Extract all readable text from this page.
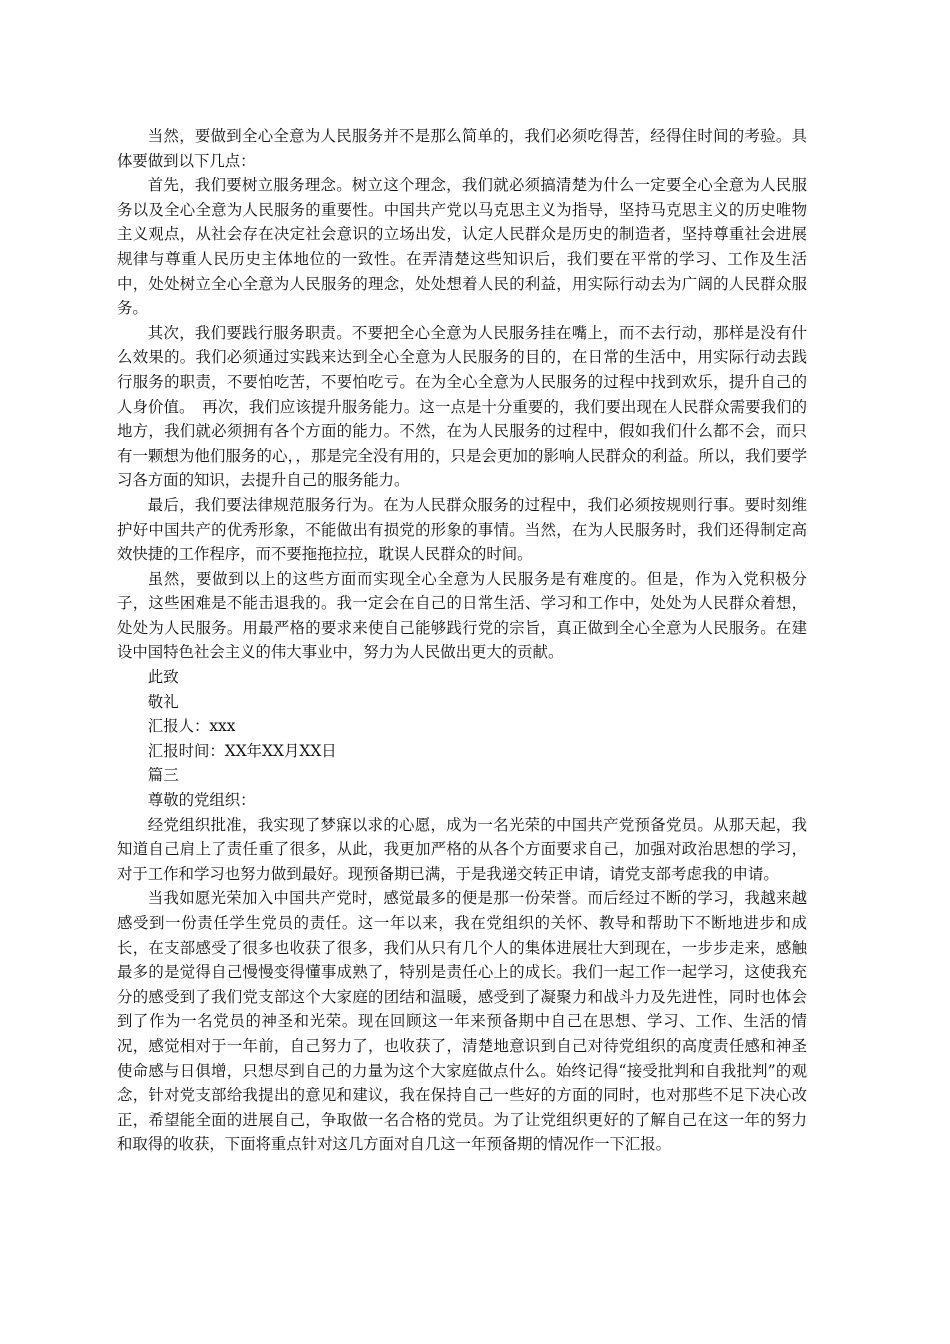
当然，要做到全心全意为人民服务并不是那么简单的，我们必须吃得苦，经得住时间的考验。具体要做到以下几点：

首先，我们要树立服务理念。树立这个理念，我们就必须搞清楚为什么一定要全心全意为人民服务以及全心全意为人民服务的重要性。中国共产党以马克思主义为指导，坚持马克思主义的历史唯物主义观点，从社会存在决定社会意识的立场出发，认定人民群众是历史的制造者，坚持尊重社会进展规律与尊重人民历史主体地位的一致性。在弄清楚这些知识后，我们要在平常的学习、工作及生活中，处处树立全心全意为人民服务的理念，处处想着人民的利益，用实际行动去为广阔的人民群众服务。

其次，我们要践行服务职责。不要把全心全意为人民服务挂在嘴上，而不去行动，那样是没有什么效果的。我们必须通过实践来达到全心全意为人民服务的目的，在日常的生活中，用实际行动去践行服务的职责，不要怕吃苦，不要怕吃亏。在为全心全意为人民服务的过程中找到欢乐，提升自己的人身价值。　再次，我们应该提升服务能力。这一点是十分重要的，我们要出现在人民群众需要我们的地方，我们就必须拥有各个方面的能力。不然，在为人民服务的过程中，假如我们什么都不会，而只有一颗想为他们服务的心，，那是完全没有用的，只是会更加的影响人民群众的利益。所以，我们要学习各方面的知识，去提升自己的服务能力。

最后，我们要法律规范服务行为。在为人民群众服务的过程中，我们必须按规则行事。要时刻维护好中国共产的优秀形象，不能做出有损党的形象的事情。当然，在为人民服务时，我们还得制定高效快捷的工作程序，而不要拖拖拉拉，耽误人民群众的时间。

虽然，要做到以上的这些方面而实现全心全意为人民服务是有难度的。但是，作为入党积极分子，这些困难是不能击退我的。我一定会在自己的日常生活、学习和工作中，处处为人民群众着想，处处为人民服务。用最严格的要求来使自己能够践行党的宗旨，真正做到全心全意为人民服务。在建设中国特色社会主义的伟大事业中，努力为人民做出更大的贡献。

此致

敬礼

汇报人：xxx

汇报时间：XX年XX月XX日

篇三

尊敬的党组织：

经党组织批准，我实现了梦寐以求的心愿，成为一名光荣的中国共产党预备党员。从那天起，我知道自己肩上了责任重了很多，从此，我更加严格的从各个方面要求自己，加强对政治思想的学习，对于工作和学习也努力做到最好。现预备期已满，于是我递交转正申请，请党支部考虑我的申请。

当我如愿光荣加入中国共产党时，感觉最多的便是那一份荣誉。而后经过不断的学习，我越来越感受到一份责任学生党员的责任。这一年以来，我在党组织的关怀、教导和帮助下不断地进步和成长，在支部感受了很多也收获了很多，我们从只有几个人的集体进展壮大到现在，一步步走来，感触最多的是觉得自己慢慢变得懂事成熟了，特别是责任心上的成长。我们一起工作一起学习，这使我充分的感受到了我们党支部这个大家庭的团结和温暖，感受到了凝聚力和战斗力及先进性，同时也体会到了作为一名党员的神圣和光荣。现在回顾这一年来预备期中自己在思想、学习、工作、生活的情况，感觉相对于一年前，自己努力了，也收获了，清楚地意识到自己对待党组织的高度责任感和神圣使命感与日俱增，只想尽到自己的力量为这个大家庭做点什么。始终记得“接受批判和自我批判”的观念，针对党支部给我提出的意见和建议，我在保持自己一些好的方面的同时，也对那些不足下决心改正，希望能全面的进展自己，争取做一名合格的党员。为了让党组织更好的了解自己在这一年的努力和取得的收获，下面将重点针对这几方面对自几这一年预备期的情况作一下汇报。
